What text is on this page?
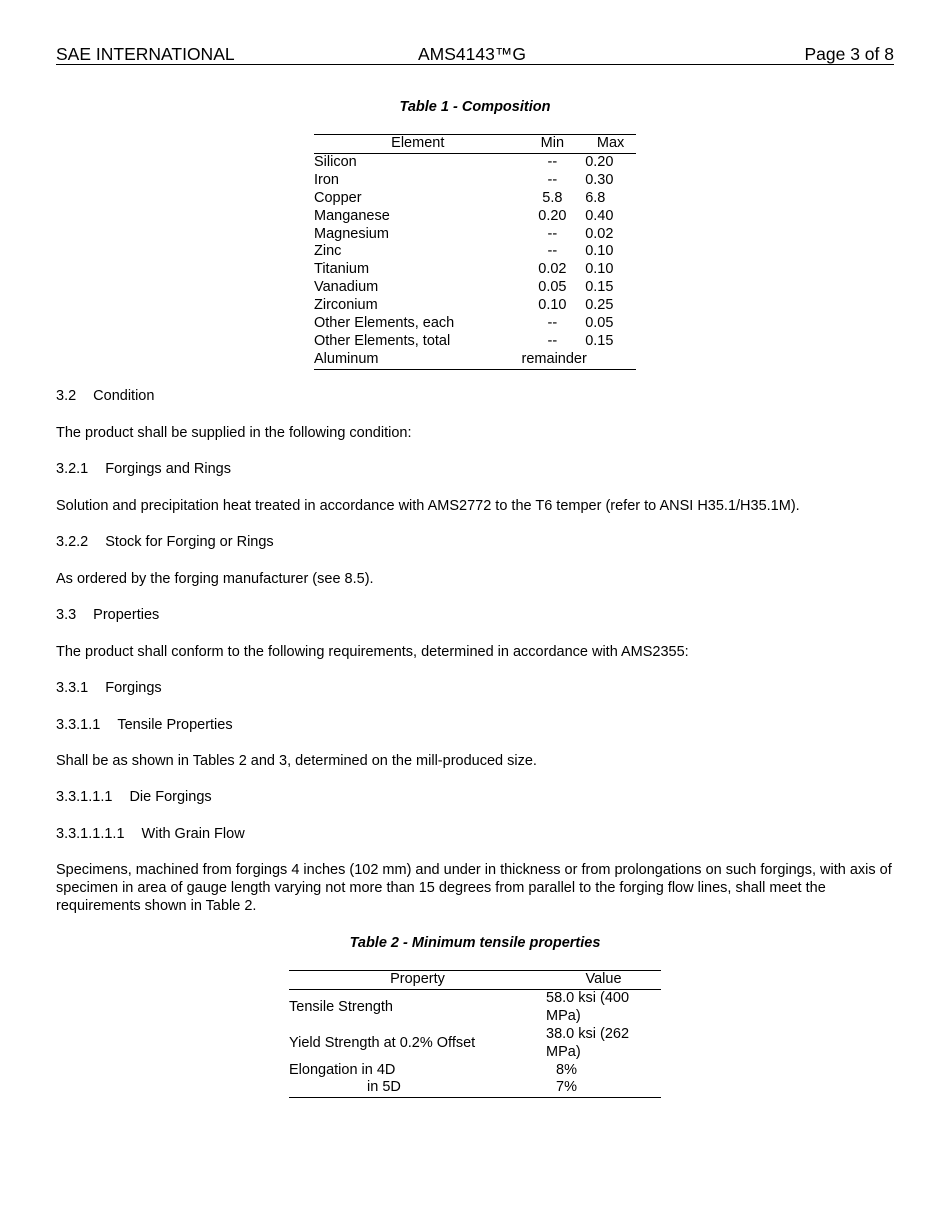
SAE INTERNATIONAL	AMS4143™G	Page 3 of 8
Table 1 - Composition
Element	Min	Max
Silicon	--	0.20
Iron	--	0.30
Copper	5.8	6.8
Manganese	0.20	0.40
Magnesium	--	0.02
Zinc	--	0.10
Titanium	0.02	0.10
Vanadium	0.05	0.15
Zirconium	0.10	0.25
Other Elements, each	--	0.05
Other Elements, total	--	0.15
Aluminum	remainder	
3.2 Condition
The product shall be supplied in the following condition:
3.2.1 Forgings and Rings
Solution and precipitation heat treated in accordance with AMS2772 to the T6 temper (refer to ANSI H35.1/H35.1M).
3.2.2 Stock for Forging or Rings
As ordered by the forging manufacturer (see 8.5).
3.3 Properties
The product shall conform to the following requirements, determined in accordance with AMS2355:
3.3.1 Forgings
3.3.1.1 Tensile Properties
Shall be as shown in Tables 2 and 3, determined on the mill-produced size.
3.3.1.1.1 Die Forgings
3.3.1.1.1.1 With Grain Flow
Specimens, machined from forgings 4 inches (102 mm) and under in thickness or from prolongations on such forgings, with axis of specimen in area of gauge length varying not more than 15 degrees from parallel to the forging flow lines, shall meet the requirements shown in Table 2.
Table 2 - Minimum tensile properties
Property	Value
Tensile Strength	58.0 ksi (400 MPa)
Yield Strength at 0.2% Offset	38.0 ksi (262 MPa)
Elongation in 4D	8%
in 5D	7%
